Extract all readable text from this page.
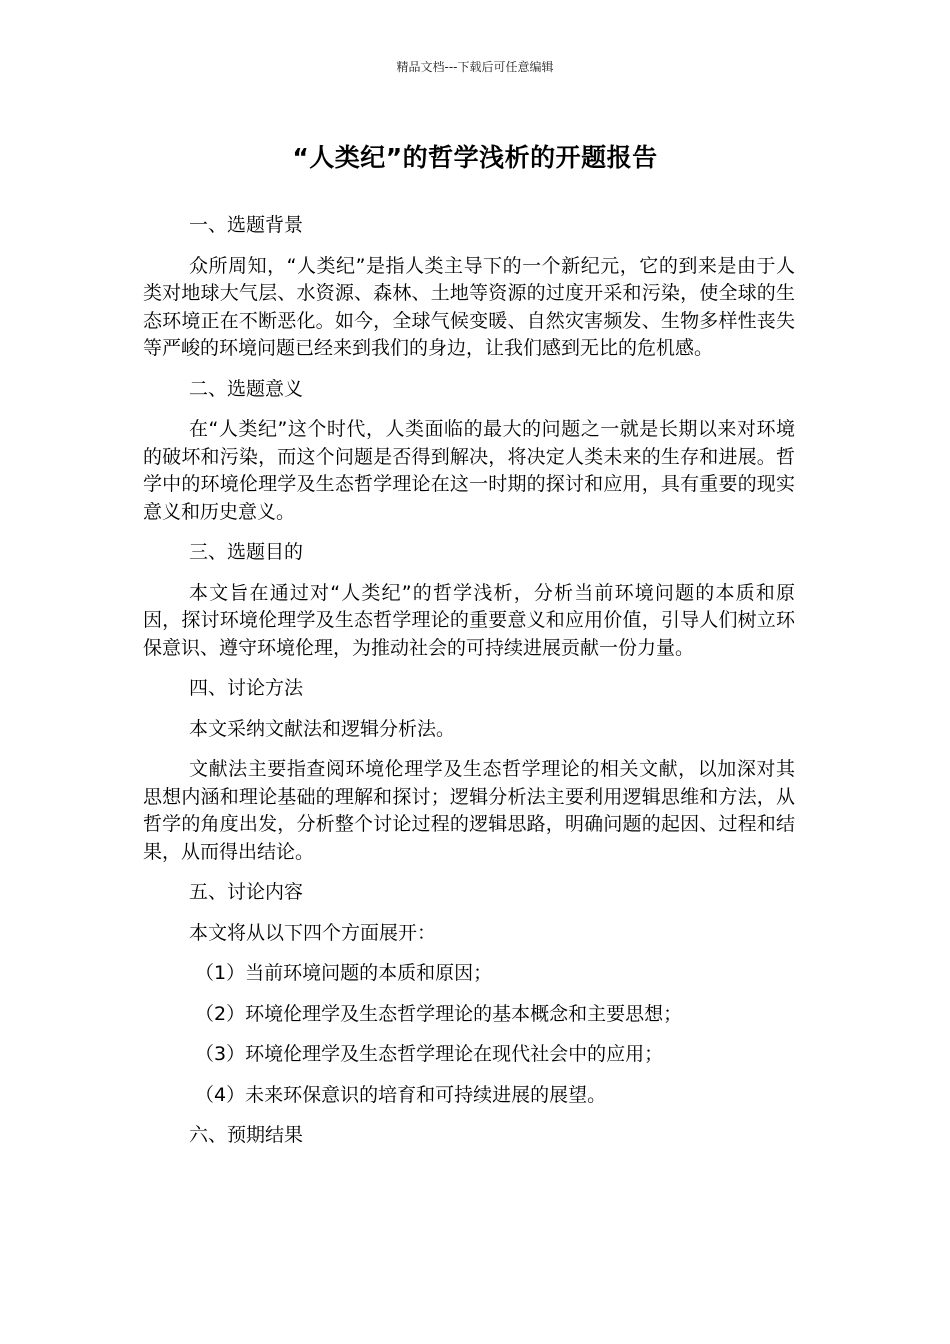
精品文档---下载后可任意编辑
“人类纪”的哲学浅析的开题报告

一、选题背景

众所周知，“人类纪”是指人类主导下的一个新纪元，它的到来是由于人类对地球大气层、水资源、森林、土地等资源的过度开采和污染，使全球的生态环境正在不断恶化。如今，全球气候变暖、自然灾害频发、生物多样性丧失等严峻的环境问题已经来到我们的身边，让我们感到无比的危机感。

二、选题意义

在“人类纪”这个时代，人类面临的最大的问题之一就是长期以来对环境的破坏和污染，而这个问题是否得到解决，将决定人类未来的生存和进展。哲学中的环境伦理学及生态哲学理论在这一时期的探讨和应用，具有重要的现实意义和历史意义。

三、选题目的

本文旨在通过对“人类纪”的哲学浅析，分析当前环境问题的本质和原因，探讨环境伦理学及生态哲学理论的重要意义和应用价值，引导人们树立环保意识、遵守环境伦理，为推动社会的可持续进展贡献一份力量。

四、讨论方法

本文采纳文献法和逻辑分析法。

文献法主要指查阅环境伦理学及生态哲学理论的相关文献，以加深对其思想内涵和理论基础的理解和探讨；逻辑分析法主要利用逻辑思维和方法，从哲学的角度出发，分析整个讨论过程的逻辑思路，明确问题的起因、过程和结果，从而得出结论。

五、讨论内容

本文将从以下四个方面展开：

（1）当前环境问题的本质和原因；

（2）环境伦理学及生态哲学理论的基本概念和主要思想；

（3）环境伦理学及生态哲学理论在现代社会中的应用；

（4）未来环保意识的培育和可持续进展的展望。

六、预期结果
